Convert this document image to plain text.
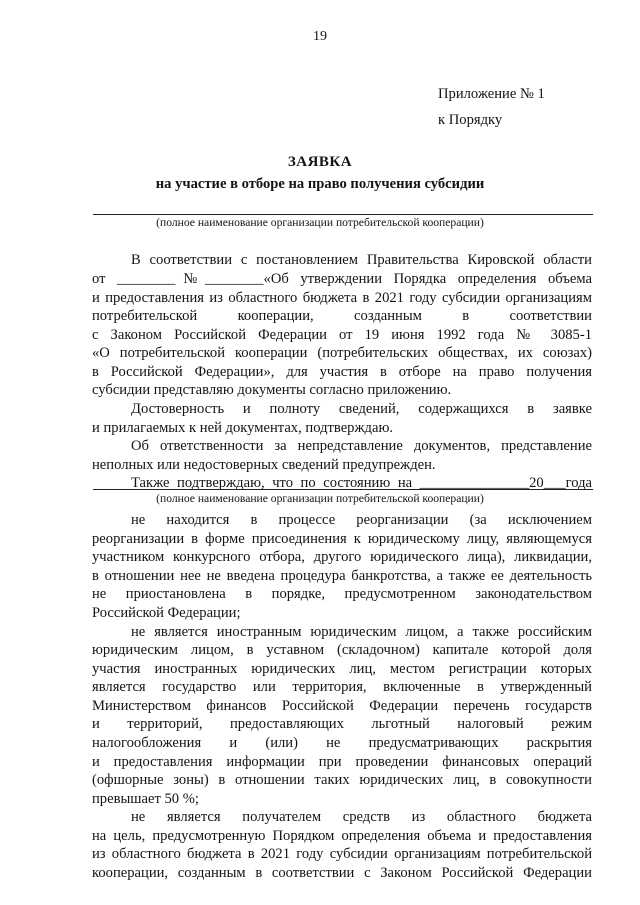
19
Приложение № 1
к Порядку
ЗАЯВКА
на участие в отборе на право получения субсидии
(полное наименование организации потребительской кооперации)
В соответствии с постановлением Правительства Кировской области
от ________№________«Об утверждении Порядка определения объема
и предоставления из областного бюджета в 2021 году субсидии организациям
потребительской кооперации, созданным в соответствии
с Законом Российской Федерации от 19 июня 1992 года № 3085-1
«О потребительской кооперации (потребительских обществах, их союзах)
в Российской Федерации», для участия в отборе на право получения
субсидии представляю документы согласно приложению.
Достоверность и полноту сведений, содержащихся в заявке
и прилагаемых к ней документах, подтверждаю.
Об ответственности за непредставление документов, представление
неполных или недостоверных сведений предупрежден.
Также подтверждаю, что по состоянию на _______________20___года
(полное наименование организации потребительской кооперации)
не находится в процессе реорганизации (за исключением
реорганизации в форме присоединения к юридическому лицу, являющемуся
участником конкурсного отбора, другого юридического лица), ликвидации,
в отношении нее не введена процедура банкротства, а также ее деятельность
не приостановлена в порядке, предусмотренном законодательством
Российской Федерации;
не является иностранным юридическим лицом, а также российским
юридическим лицом, в уставном (складочном) капитале которой доля
участия иностранных юридических лиц, местом регистрации которых
является государство или территория, включенные в утвержденный
Министерством финансов Российской Федерации перечень государств
и территорий, предоставляющих льготный налоговый режим
налогообложения и (или) не предусматривающих раскрытия
и предоставления информации при проведении финансовых операций
(офшорные зоны) в отношении таких юридических лиц, в совокупности
превышает 50 %;
не является получателем средств из областного бюджета
на цель, предусмотренную Порядком определения объема и предоставления
из областного бюджета в 2021 году субсидии организациям потребительской
кооперации, созданным в соответствии с Законом Российской Федерации
